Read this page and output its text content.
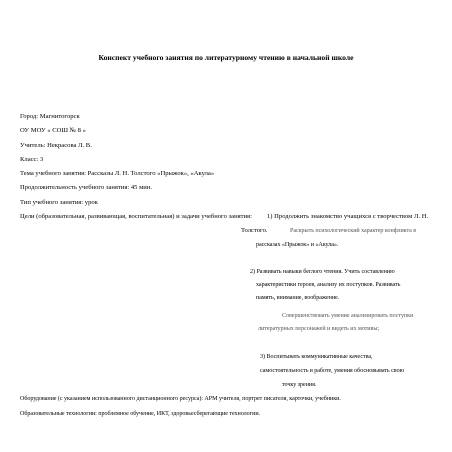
Конспект учебного занятия по литературному чтению в начальной школе
Город: Магнитогорск
ОУ МОУ « СОШ № 8 »
Учитель: Некрасова Л. В.
Класс: 3
Тема учебного занятия: Рассказы Л. Н. Толстого «Прыжок», «Акула»
Продолжительность учебного занятия: 45 мин.
Тип учебного занятия: урок
Цели (образовательная, развивающая, воспитательная) и задачи учебного занятия: 1) Продолжить знакомство учащихся с творчеством Л. Н.
Толстого.	Раскрыть психологический характер конфликта в
рассказах «Прыжок» и «Акула».
2) Развивать навыки беглого чтения. Учить составлению
характеристики героев, анализу их поступков. Развивать
память, внимание, воображение.
Совершенствовать умение анализировать поступки
литературных персонажей и видеть их мотивы;
3) Воспитывать коммуникативные качества,
самостоятельность в работе, умения обосновывать свою
точку зрения.
Оборудование (с указанием использованного дистанционного ресурса): АРМ учителя, портрет писателя, карточки, учебники.
Образовательные технологии: проблемное обучение, ИКТ, здоровьесберегающие технологии.
